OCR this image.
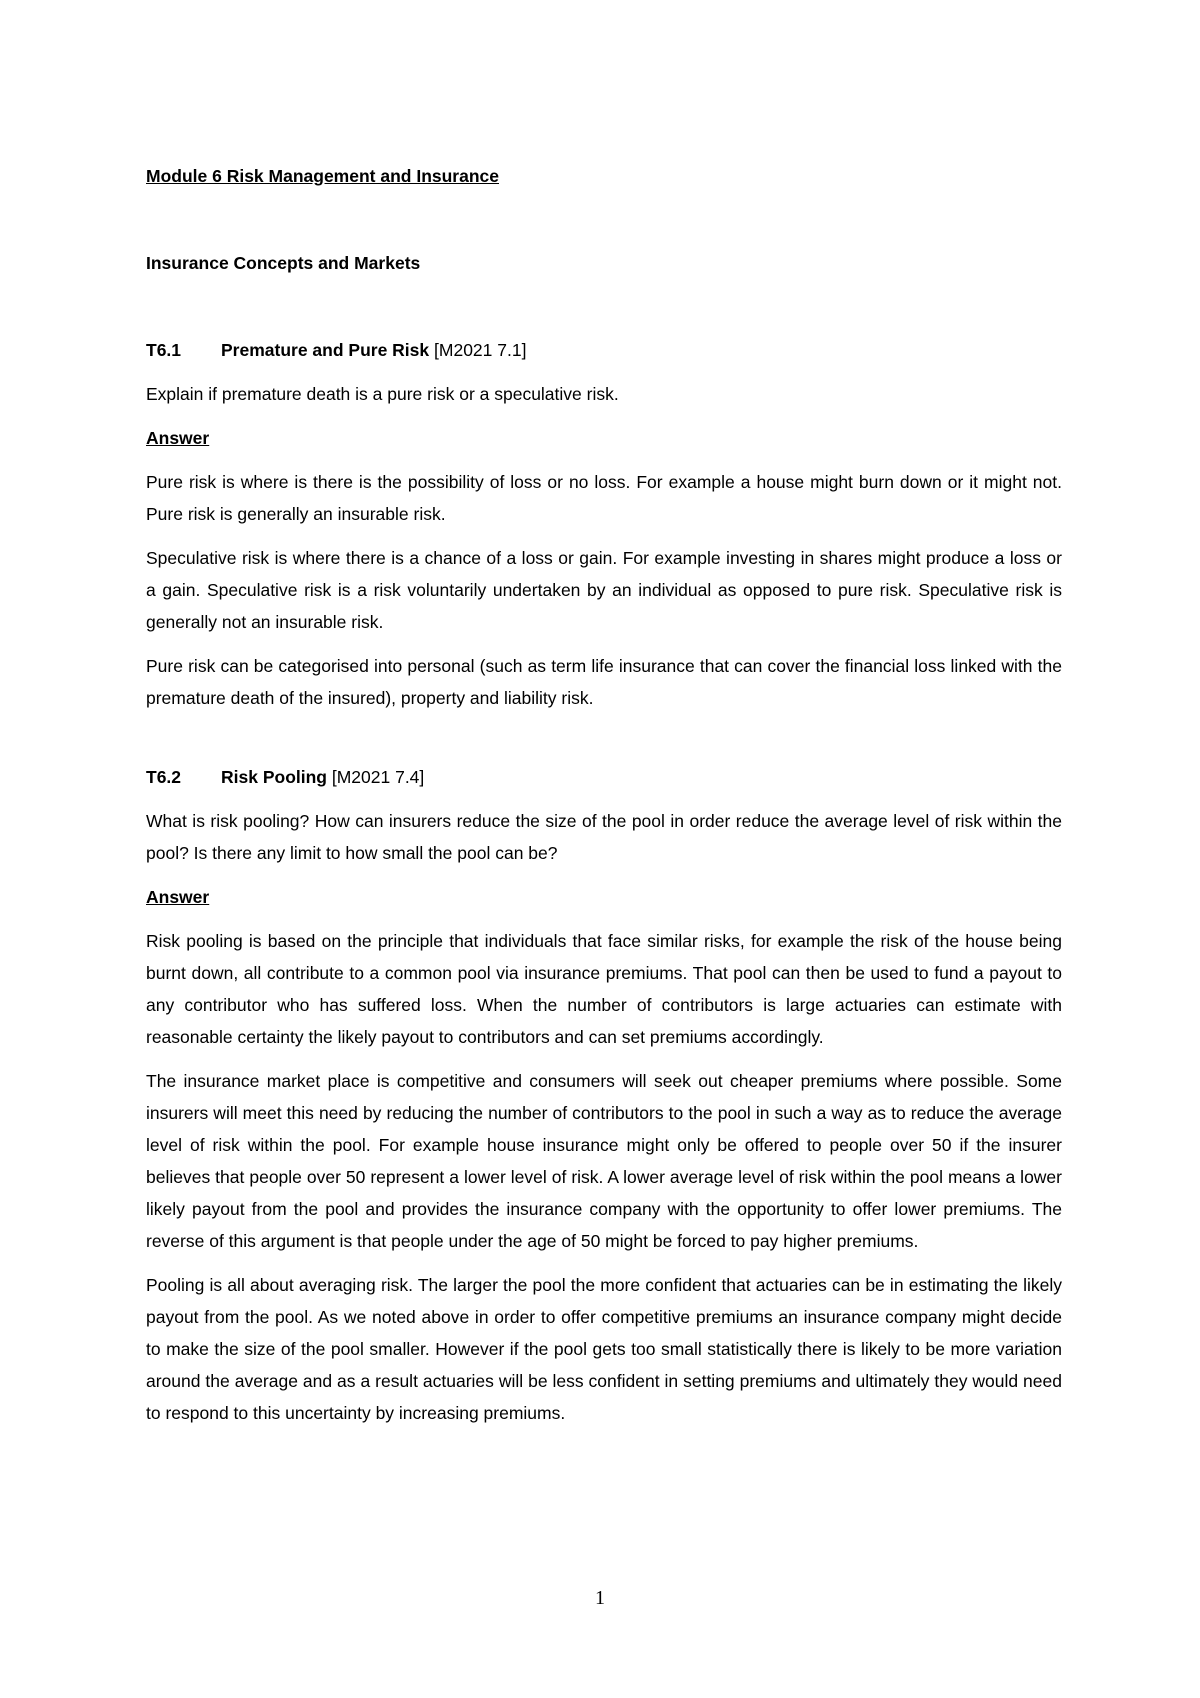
Module 6 Risk Management and Insurance

Insurance Concepts and Markets

T6.1 Premature and Pure Risk [M2021 7.1]

Explain if premature death is a pure risk or a speculative risk.

Answer

Pure risk is where is there is the possibility of loss or no loss. For example a house might burn down or it might not. Pure risk is generally an insurable risk.

Speculative risk is where there is a chance of a loss or gain. For example investing in shares might produce a loss or a gain. Speculative risk is a risk voluntarily undertaken by an individual as opposed to pure risk. Speculative risk is generally not an insurable risk.

Pure risk can be categorised into personal (such as term life insurance that can cover the financial loss linked with the premature death of the insured), property and liability risk.

T6.2 Risk Pooling [M2021 7.4]

What is risk pooling? How can insurers reduce the size of the pool in order reduce the average level of risk within the pool? Is there any limit to how small the pool can be?

Answer

Risk pooling is based on the principle that individuals that face similar risks, for example the risk of the house being burnt down, all contribute to a common pool via insurance premiums. That pool can then be used to fund a payout to any contributor who has suffered loss. When the number of contributors is large actuaries can estimate with reasonable certainty the likely payout to contributors and can set premiums accordingly.

The insurance market place is competitive and consumers will seek out cheaper premiums where possible. Some insurers will meet this need by reducing the number of contributors to the pool in such a way as to reduce the average level of risk within the pool. For example house insurance might only be offered to people over 50 if the insurer believes that people over 50 represent a lower level of risk. A lower average level of risk within the pool means a lower likely payout from the pool and provides the insurance company with the opportunity to offer lower premiums. The reverse of this argument is that people under the age of 50 might be forced to pay higher premiums.

Pooling is all about averaging risk. The larger the pool the more confident that actuaries can be in estimating the likely payout from the pool. As we noted above in order to offer competitive premiums an insurance company might decide to make the size of the pool smaller. However if the pool gets too small statistically there is likely to be more variation around the average and as a result actuaries will be less confident in setting premiums and ultimately they would need to respond to this uncertainty by increasing premiums.

1
